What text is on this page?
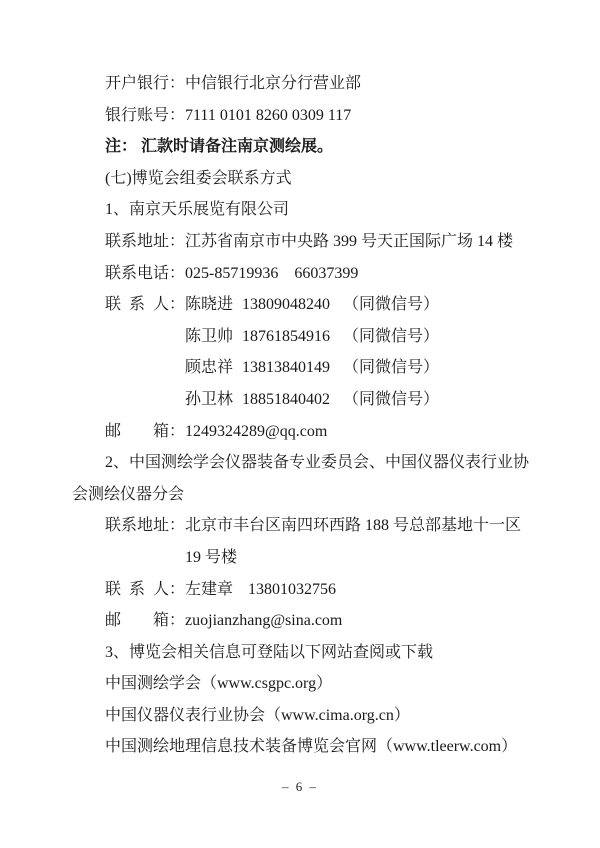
开户银行：中信银行北京分行营业部
银行账号：7111 0101 8260 0309 117
注： 汇款时请备注南京测绘展。
(七)博览会组委会联系方式
1、南京天乐展览有限公司
联系地址：江苏省南京市中央路 399 号天正国际广场 14 楼
联系电话：025-85719936    66037399
联  系  人：陈晓进 13809048240 （同微信号）
陈卫帅 18761854916 （同微信号）
顾忠祥 13813840149 （同微信号）
孙卫林 18851840402 （同微信号）
邮        箱：1249324289@qq.com
2、中国测绘学会仪器装备专业委员会、中国仪器仪表行业协
会测绘仪器分会
联系地址：北京市丰台区南四环西路 188 号总部基地十一区
19 号楼
联  系  人：左建章 13801032756
邮        箱：zuojianzhang@sina.com
3、博览会相关信息可登陆以下网站查阅或下载
中国测绘学会（www.csgpc.org）
中国仪器仪表行业协会（www.cima.org.cn）
中国测绘地理信息技术装备博览会官网（www.tleerw.com）
– 6 –
